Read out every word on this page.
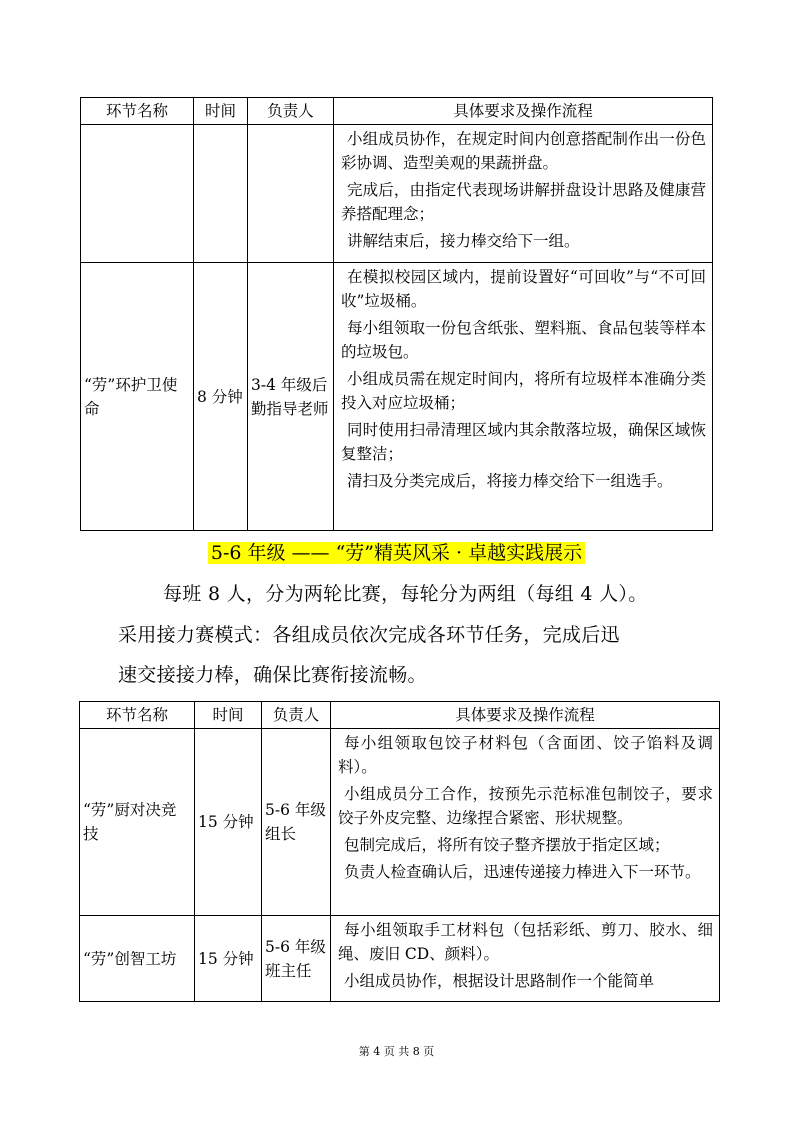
环节名称	时间	负责人	具体要求及操作流程

			小组成员协作，在规定时间内创意搭配制作出一份色彩协调、造型美观的果蔬拼盘。

完成后，由指定代表现场讲解拼盘设计思路及健康营养搭配理念；

讲解结束后，接力棒交给下一组。

“劳”环护卫使命	8 分钟	3-4 年级后勤指导老师	在模拟校园区域内，提前设置好“可回收”与“不可回收”垃圾桶。

每小组领取一份包含纸张、塑料瓶、食品包装等样本的垃圾包。

小组成员需在规定时间内，将所有垃圾样本准确分类投入对应垃圾桶；

同时使用扫帚清理区域内其余散落垃圾，确保区域恢复整洁；

清扫及分类完成后，将接力棒交给下一组选手。

5-6 年级 —— “劳”精英风采 · 卓越实践展示
每班 8 人，分为两轮比赛，每轮分为两组（每组 4 人）。
采用接力赛模式：各组成员依次完成各环节任务，完成后迅
速交接接力棒，确保比赛衔接流畅。
环节名称	时间	负责人	具体要求及操作流程
“劳”厨对决竞技	15 分钟	5-6 年级组长	每小组领取包饺子材料包（含面团、饺子馅料及调料）。

小组成员分工合作，按预先示范标准包制饺子，要求饺子外皮完整、边缘捏合紧密、形状规整。

包制完成后，将所有饺子整齐摆放于指定区域；

负责人检查确认后，迅速传递接力棒进入下一环节。

“劳”创智工坊	15 分钟	5-6 年级班主任	每小组领取手工材料包（包括彩纸、剪刀、胶水、细绳、废旧 CD、颜料）。

小组成员协作，根据设计思路制作一个能简单

第 4 页 共 8 页
